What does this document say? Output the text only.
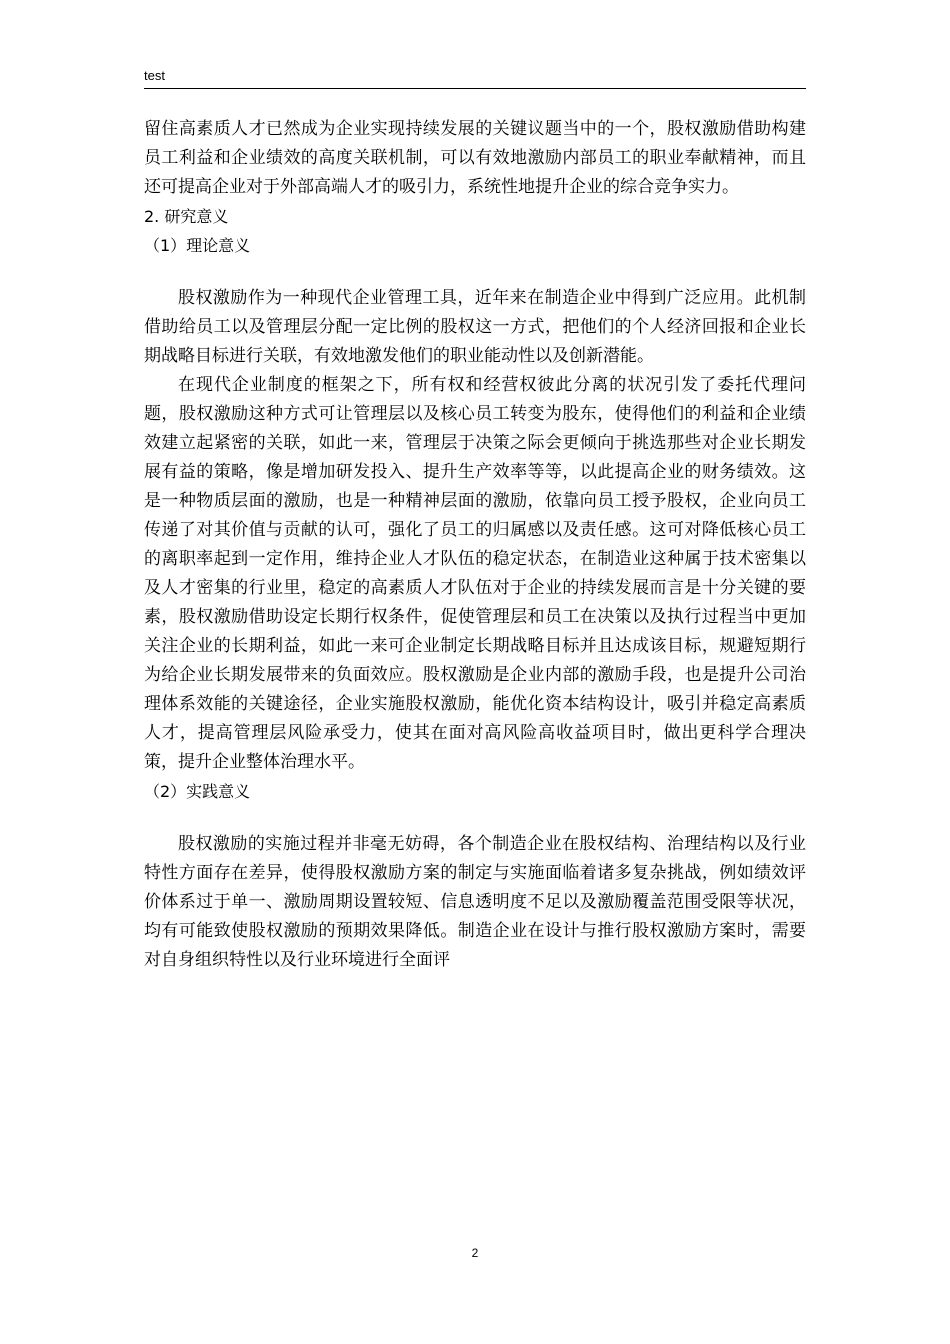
test

留住高素质人才已然成为企业实现持续发展的关键议题当中的一个，股权激励借助构建员工利益和企业绩效的高度关联机制，可以有效地激励内部员工的职业奉献精神，而且还可提高企业对于外部高端人才的吸引力，系统性地提升企业的综合竞争实力。

2. 研究意义

（1）理论意义

股权激励作为一种现代企业管理工具，近年来在制造企业中得到广泛应用。此机制借助给员工以及管理层分配一定比例的股权这一方式，把他们的个人经济回报和企业长期战略目标进行关联，有效地激发他们的职业能动性以及创新潜能。

在现代企业制度的框架之下，所有权和经营权彼此分离的状况引发了委托代理问题，股权激励这种方式可让管理层以及核心员工转变为股东，使得他们的利益和企业绩效建立起紧密的关联，如此一来，管理层于决策之际会更倾向于挑选那些对企业长期发展有益的策略，像是增加研发投入、提升生产效率等等，以此提高企业的财务绩效。这是一种物质层面的激励，也是一种精神层面的激励，依靠向员工授予股权，企业向员工传递了对其价值与贡献的认可，强化了员工的归属感以及责任感。这可对降低核心员工的离职率起到一定作用，维持企业人才队伍的稳定状态，在制造业这种属于技术密集以及人才密集的行业里，稳定的高素质人才队伍对于企业的持续发展而言是十分关键的要素，股权激励借助设定长期行权条件，促使管理层和员工在决策以及执行过程当中更加关注企业的长期利益，如此一来可企业制定长期战略目标并且达成该目标，规避短期行为给企业长期发展带来的负面效应。股权激励是企业内部的激励手段，也是提升公司治理体系效能的关键途径，企业实施股权激励，能优化资本结构设计，吸引并稳定高素质人才，提高管理层风险承受力，使其在面对高风险高收益项目时，做出更科学合理决策，提升企业整体治理水平。

（2）实践意义

股权激励的实施过程并非毫无妨碍，各个制造企业在股权结构、治理结构以及行业特性方面存在差异，使得股权激励方案的制定与实施面临着诸多复杂挑战，例如绩效评价体系过于单一、激励周期设置较短、信息透明度不足以及激励覆盖范围受限等状况，均有可能致使股权激励的预期效果降低。制造企业在设计与推行股权激励方案时，需要对自身组织特性以及行业环境进行全面评

2
